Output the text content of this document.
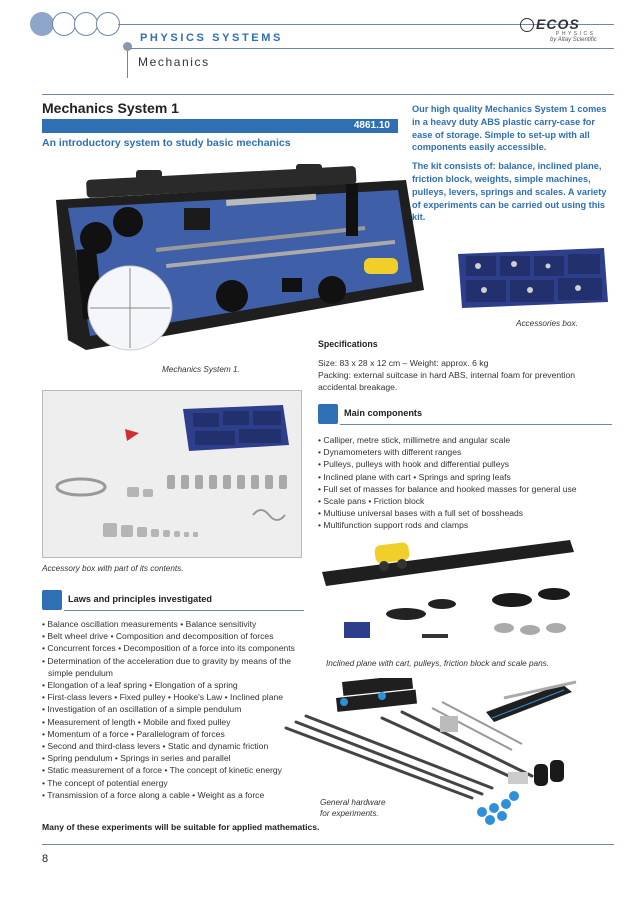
PHYSICS SYSTEMS
Mechanics
ECOS
PHYSICS
by Altay Scientific
Mechanics System 1
4861.10
An introductory system to study basic mechanics

Our high quality Mechanics System 1 comes in a heavy duty ABS plastic carry-case for ease of storage. Simple to set-up with all components easily accessible.

The kit consists of: balance, inclined plane, friction block, weights, simple machines, pulleys, levers, springs and scales. A variety of experiments can be carried out using this kit.

Mechanics System 1.
Accessories box.
Specifications
Size: 83 x 28 x 12 cm – Weight: approx. 6 kg
Packing: external suitcase in hard ABS, internal foam for prevention accidental breakage.
Accessory box with part of its contents.
Main components
• Calliper, metre stick, millimetre and angular scale
• Dynamometers with different ranges
• Pulleys, pulleys with hook and differential pulleys
• Inclined plane with cart • Springs and spring leafs
• Full set of masses for balance and hooked masses for general use
• Scale pans • Friction block
• Multiuse universal bases with a full set of bossheads
• Multifunction support rods and clamps
Inclined plane with cart, pulleys, friction block and scale pans.
Laws and principles investigated
• Balance oscillation measurements • Balance sensitivity
• Belt wheel drive • Composition and decomposition of forces
• Concurrent forces • Decomposition of a force into its components
• Determination of the acceleration due to gravity by means of the simple pendulum
• Elongation of a leaf spring • Elongation of a spring
• First-class levers • Fixed pulley • Hooke's Law • Inclined plane
• Investigation of an oscillation of a simple pendulum
• Measurement of length • Mobile and fixed pulley
• Momentum of a force • Parallelogram of forces
• Second and third-class levers • Static and dynamic friction
• Spring pendulum • Springs in series and parallel
• Static measurement of a force • The concept of kinetic energy
• The concept of potential energy
• Transmission of a force along a cable • Weight as a force
General hardware
for experiments.
Many of these experiments will be suitable for applied mathematics.
8
